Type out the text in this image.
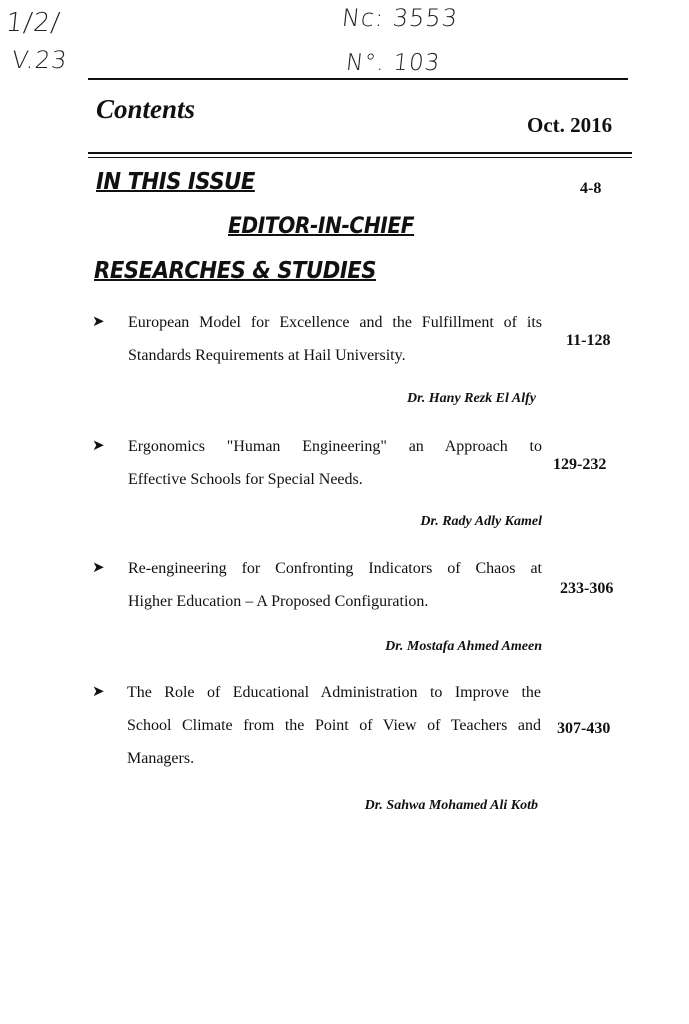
1/2/
V.23
Nc: 3553
N°. 103
Contents
Oct. 2016
IN THIS ISSUE	4-8
EDITOR-IN-CHIEF
RESEARCHES & STUDIES
➤ European Model for Excellence and the Fulfillment of its
Standards Requirements at Hail University.
11-128
Dr. Hany Rezk El Alfy
➤ Ergonomics "Human Engineering" an Approach to
Effective Schools for Special Needs.
129-232
Dr. Rady Adly Kamel
➤ Re-engineering for Confronting Indicators of Chaos at
Higher Education – A Proposed Configuration.
233-306
Dr. Mostafa Ahmed Ameen
➤ The Role of Educational Administration to Improve the
School Climate from the Point of View of Teachers and
Managers.
307-430
Dr. Sahwa Mohamed Ali Kotb
